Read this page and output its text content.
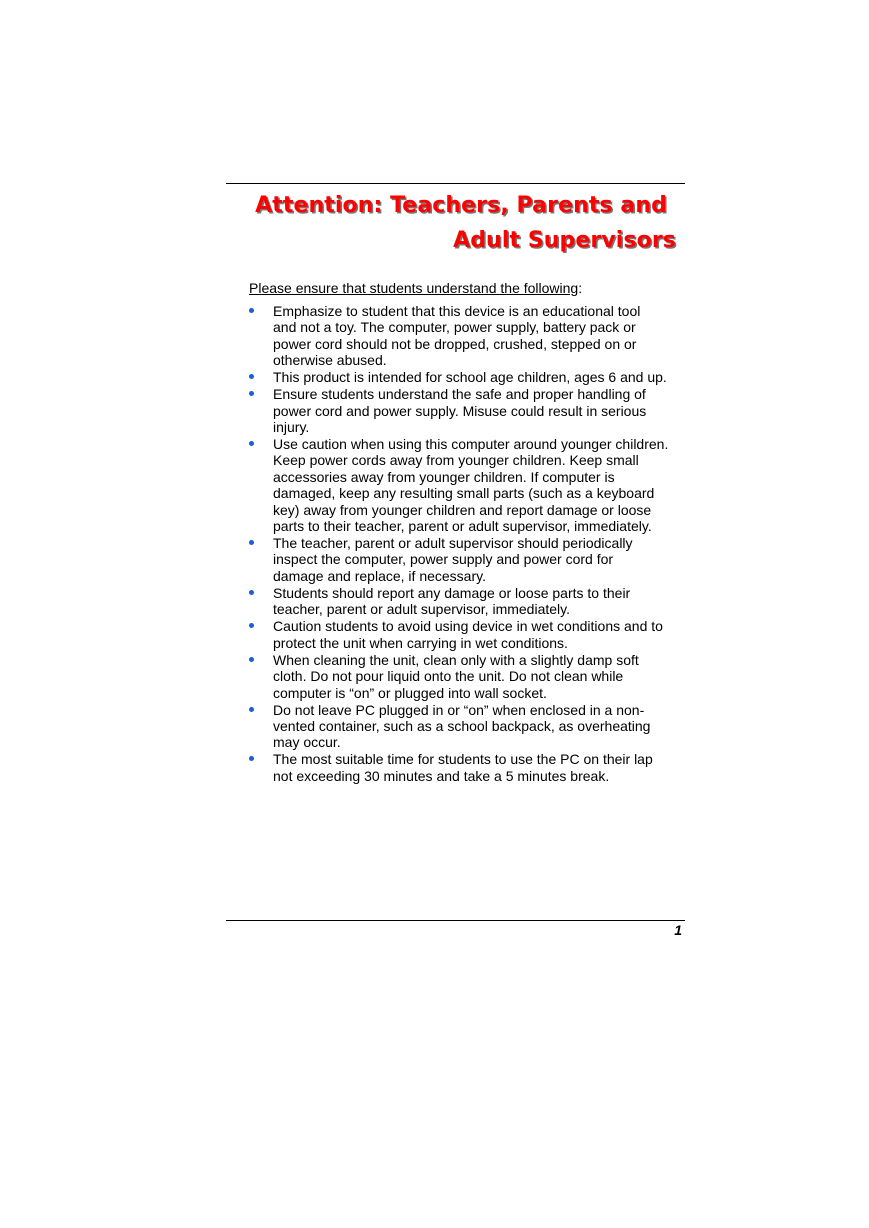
Attention: Teachers, Parents and
Adult Supervisors

Please ensure that students understand the following:

Emphasize to student that this device is an educational tool
and not a toy. The computer, power supply, battery pack or
power cord should not be dropped, crushed, stepped on or
otherwise abused.
This product is intended for school age children, ages 6 and up.
Ensure students understand the safe and proper handling of
power cord and power supply. Misuse could result in serious
injury.
Use caution when using this computer around younger children.
Keep power cords away from younger children. Keep small
accessories away from younger children. If computer is
damaged, keep any resulting small parts (such as a keyboard
key) away from younger children and report damage or loose
parts to their teacher, parent or adult supervisor, immediately.
The teacher, parent or adult supervisor should periodically
inspect the computer, power supply and power cord for
damage and replace, if necessary.
Students should report any damage or loose parts to their
teacher, parent or adult supervisor, immediately.
Caution students to avoid using device in wet conditions and to
protect the unit when carrying in wet conditions.
When cleaning the unit, clean only with a slightly damp soft
cloth. Do not pour liquid onto the unit. Do not clean while
computer is “on” or plugged into wall socket.
Do not leave PC plugged in or “on” when enclosed in a non-
vented container, such as a school backpack, as overheating
may occur.
The most suitable time for students to use the PC on their lap
not exceeding 30 minutes and take a 5 minutes break.
1
